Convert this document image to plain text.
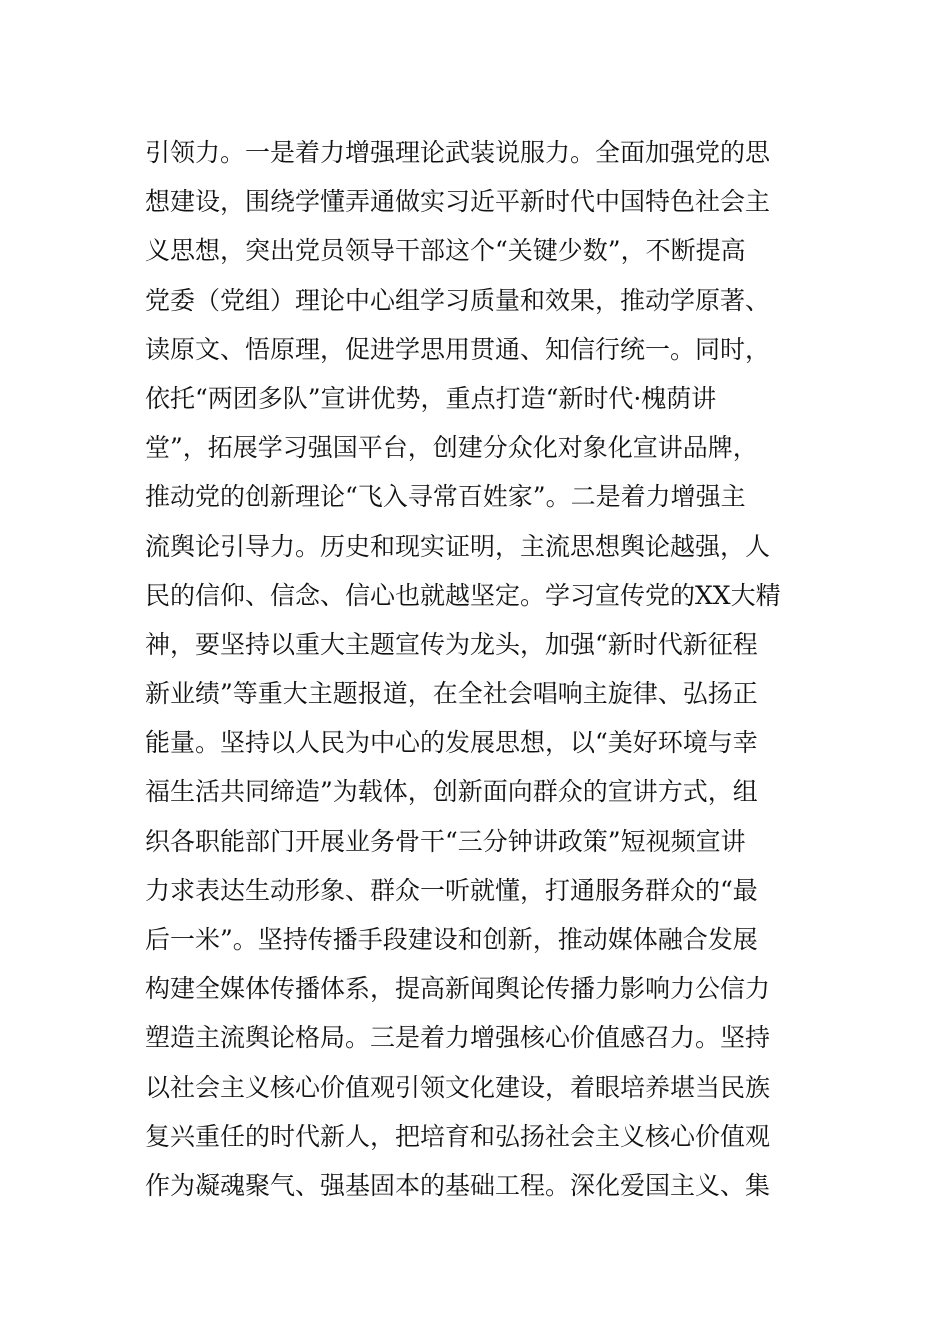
引领力。一是着力增强理论武装说服力。全面加强党的思
想建设，围绕学懂弄通做实习近平新时代中国特色社会主
义思想，突出党员领导干部这个“关键少数”，不断提高
党委（党组）理论中心组学习质量和效果，推动学原著、
读原文、悟原理，促进学思用贯通、知信行统一。同时，
依托“两团多队”宣讲优势，重点打造“新时代·槐荫讲
堂”，拓展学习强国平台，创建分众化对象化宣讲品牌，
推动党的创新理论“飞入寻常百姓家”。二是着力增强主
流舆论引导力。历史和现实证明，主流思想舆论越强，人
民的信仰、信念、信心也就越坚定。学习宣传党的XX大精
神，要坚持以重大主题宣传为龙头，加强“新时代新征程
新业绩”等重大主题报道，在全社会唱响主旋律、弘扬正
能量。坚持以人民为中心的发展思想，以“美好环境与幸
福生活共同缔造”为载体，创新面向群众的宣讲方式，组
织各职能部门开展业务骨干“三分钟讲政策”短视频宣讲
力求表达生动形象、群众一听就懂，打通服务群众的“最
后一米”。坚持传播手段建设和创新，推动媒体融合发展
构建全媒体传播体系，提高新闻舆论传播力影响力公信力
塑造主流舆论格局。三是着力增强核心价值感召力。坚持
以社会主义核心价值观引领文化建设，着眼培养堪当民族
复兴重任的时代新人，把培育和弘扬社会主义核心价值观
作为凝魂聚气、强基固本的基础工程。深化爱国主义、集
